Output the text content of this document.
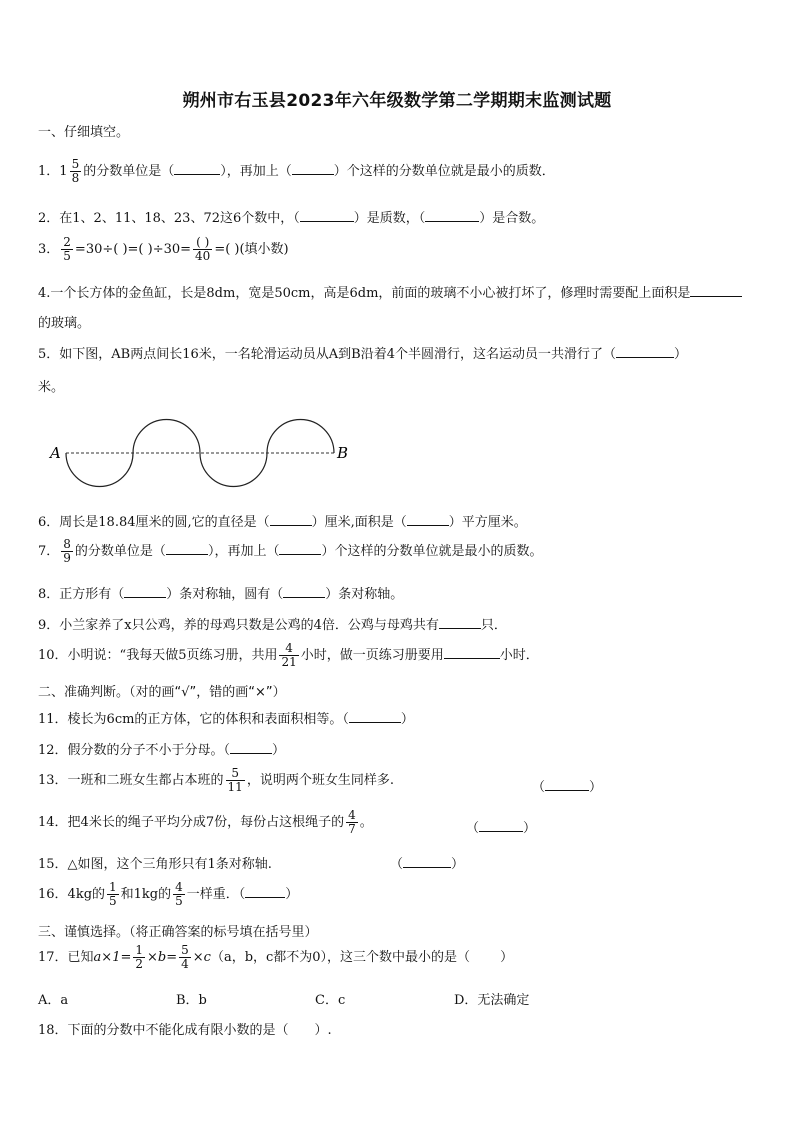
朔州市右玉县2023年六年级数学第二学期期末监测试题
一、仔细填空。
1．$1 \frac{5}{8}$ 的分数单位是（	），再加上（	）个这样的分数单位就是最小的质数．
2．在1、2、11、18、23、72这6个数中，（	）是质数，（	）是合数。
3． $\frac{2}{5} =30\div$( )=( )$\div 30= \frac{( )}{40}$ =( )(填小数)
4.一个长方体的金鱼缸，长是8dm，宽是50cm，高是6dm，前面的玻璃不小心被打坏了，修理时需要配上面积是
的玻璃。
5．如下图，AB两点间长16米，一名轮滑运动员从A到B沿着4个半圆滑行，这名运动员一共滑行了（	）
米。
A	B
6．周长是18.84厘米的圆,它的直径是（	）厘米,面积是（	）平方厘米。
7． $\frac{8}{9}$ 的分数单位是（	），再加上（	）个这样的分数单位就是最小的质数。
8．正方形有（	）条对称轴，圆有（	）条对称轴。
9．小兰家养了x只公鸡，养的母鸡只数是公鸡的4倍．公鸡与母鸡共有	只．
10．小明说：“我每天做5页练习册，共用 $\frac{4}{21}$ 小时，做一页练习册要用	小时．
二、准确判断。（对的画“√”，错的画“×”）
11．棱长为6cm的正方体，它的体积和表面积相等。（	）
12．假分数的分子不小于分母。（	）
13．一班和二班女生都占本班的 $\frac{5}{11}$ ，说明两个班女生同样多.	（	）
14．把4米长的绳子平均分成7份，每份占这根绳子的 $\frac{4}{7}$ 。	（	）
15．△如图，这个三角形只有1条对称轴.	（	）
16．4kg的 $\frac{1}{5}$ 和1kg的 $\frac{4}{5}$ 一样重．（	）
三、谨慎选择。（将正确答案的标号填在括号里）
17．已知$a\times 1= \frac{1}{2} \times b= \frac{5}{4} \times c(a$，b，c都不为0），这三个数中最小的是（ ）
A．a	B．b	C．c	D．无法确定
18．下面的分数中不能化成有限小数的是（ ）.
